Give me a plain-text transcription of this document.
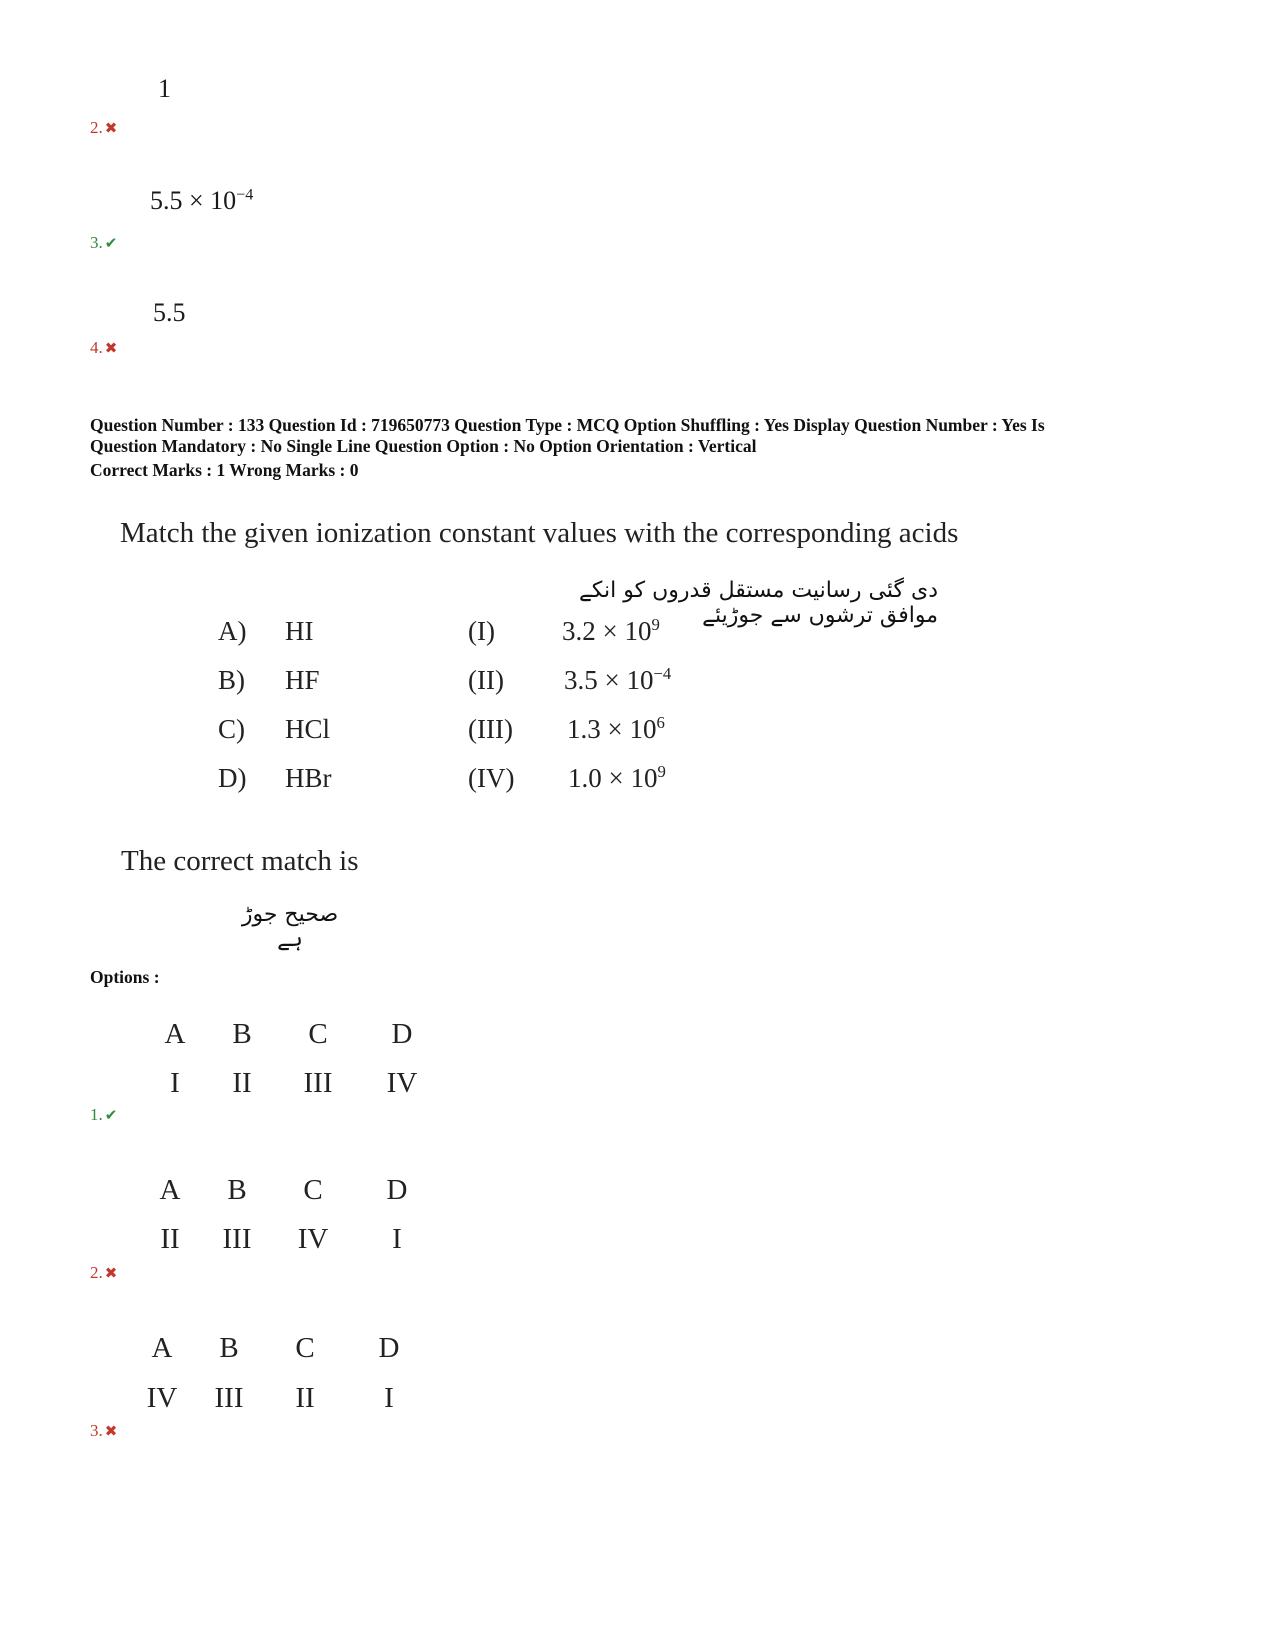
1
2. ✖
$5.5 \times 10^{-4}$
3. ✔
5.5
4. ✖
Question Number : 133 Question Id : 719650773 Question Type : MCQ Option Shuffling : Yes Display Question Number : Yes Is
Question Mandatory : No Single Line Question Option : No Option Orientation : Vertical
Correct Marks : 1 Wrong Marks : 0
Match the given ionization constant values with the corresponding acids
دی گئی رسانیت مستقل قدروں کو انکے موافق ترشوں سے جوڑیئے
A) HI	(I) $3.2 \times 10^9$
B) HF	(II) $3.5 \times 10^{-4}$
C) HCl	(III) $1.3 \times 10^6$
D) HBr	(IV) $1.0 \times 10^9$
The correct match is
صحیح جوڑ ہے
Options :
A	B	C	D
I	II	III	IV
1. ✔
A	B	C	D
II	III	IV	I
2. ✖
A	B	C	D
IV	III	II	I
3. ✖
